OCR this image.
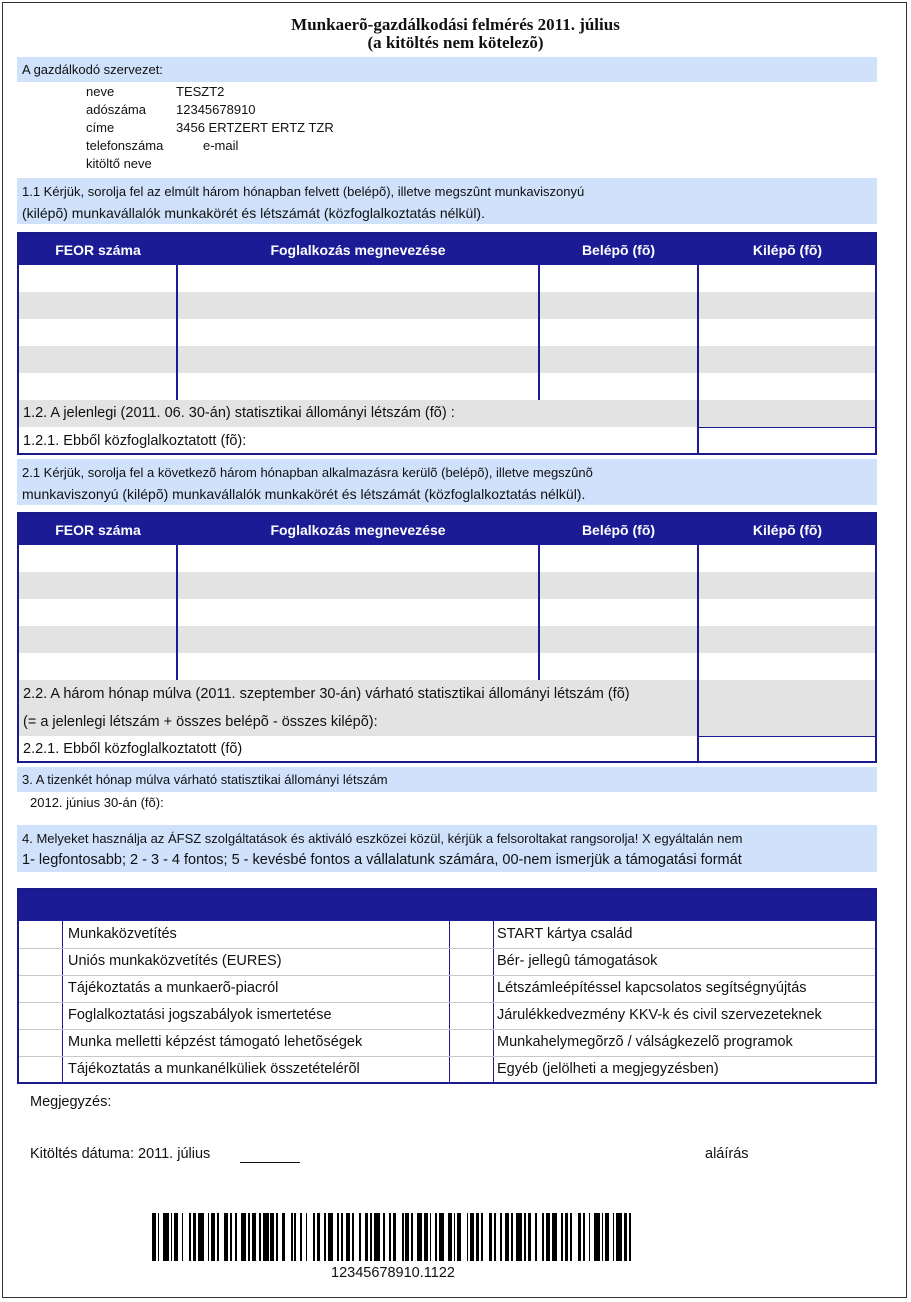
Munkaerõ-gazdálkodási felmérés 2011. július
(a kitöltés nem kötelezõ)
A gazdálkodó szervezet:
neve	TESZT2
adószáma 12345678910
címe	3456 ERTZERT ERTZ TZR
telefonszáma	e-mail
kitöltő neve
1.1 Kérjük, sorolja fel az elmúlt három hónapban felvett (belépõ), illetve megszûnt munkaviszonyú
(kilépõ) munkavállalók munkakörét és létszámát (közfoglalkoztatás nélkül).
FEOR száma	Foglalkozás megnevezése	Belépõ (fõ)	Kilépõ (fõ)
1.2. A jelenlegi (2011. 06. 30-án) statisztikai állományi létszám (fõ) :
1.2.1. Ebből közfoglalkoztatott (fõ):
2.1 Kérjük, sorolja fel a következõ három hónapban alkalmazásra kerülõ (belépõ), illetve megszûnõ
munkaviszonyú (kilépõ) munkavállalók munkakörét és létszámát (közfoglalkoztatás nélkül).
FEOR száma	Foglalkozás megnevezése	Belépõ (fõ)	Kilépõ (fõ)
2.2. A három hónap múlva (2011. szeptember 30-án) várható statisztikai állományi létszám (fõ)
(= a jelenlegi létszám + összes belépõ - összes kilépõ):
2.2.1. Ebből közfoglalkoztatott (fõ)
3. A tizenkét hónap múlva várható statisztikai állományi létszám
2012. június 30-án (fõ):
4. Melyeket használja az ÁFSZ szolgáltatások és aktiváló eszközei közül, kérjük a felsoroltakat rangsorolja! X egyáltalán nem
1- legfontosabb; 2 - 3 - 4 fontos; 5 - kevésbé fontos a vállalatunk számára, 00-nem ismerjük a támogatási formát
Munkaközvetítés	START kártya család
Uniós munkaközvetítés (EURES)	Bér- jellegû támogatások
Tájékoztatás a munkaerõ-piacról	Létszámleépítéssel kapcsolatos segítségnyújtás
Foglalkoztatási jogszabályok ismertetése	Járulékkedvezmény KKV-k és civil szervezeteknek
Munka melletti képzést támogató lehetõségek	Munkahelymegõrzõ / válságkezelõ programok
Tájékoztatás a munkanélküliek összetételérõl	Egyéb (jelölheti a megjegyzésben)
Megjegyzés:
Kitöltés dátuma: 2011. július	aláírás
12345678910.1122
